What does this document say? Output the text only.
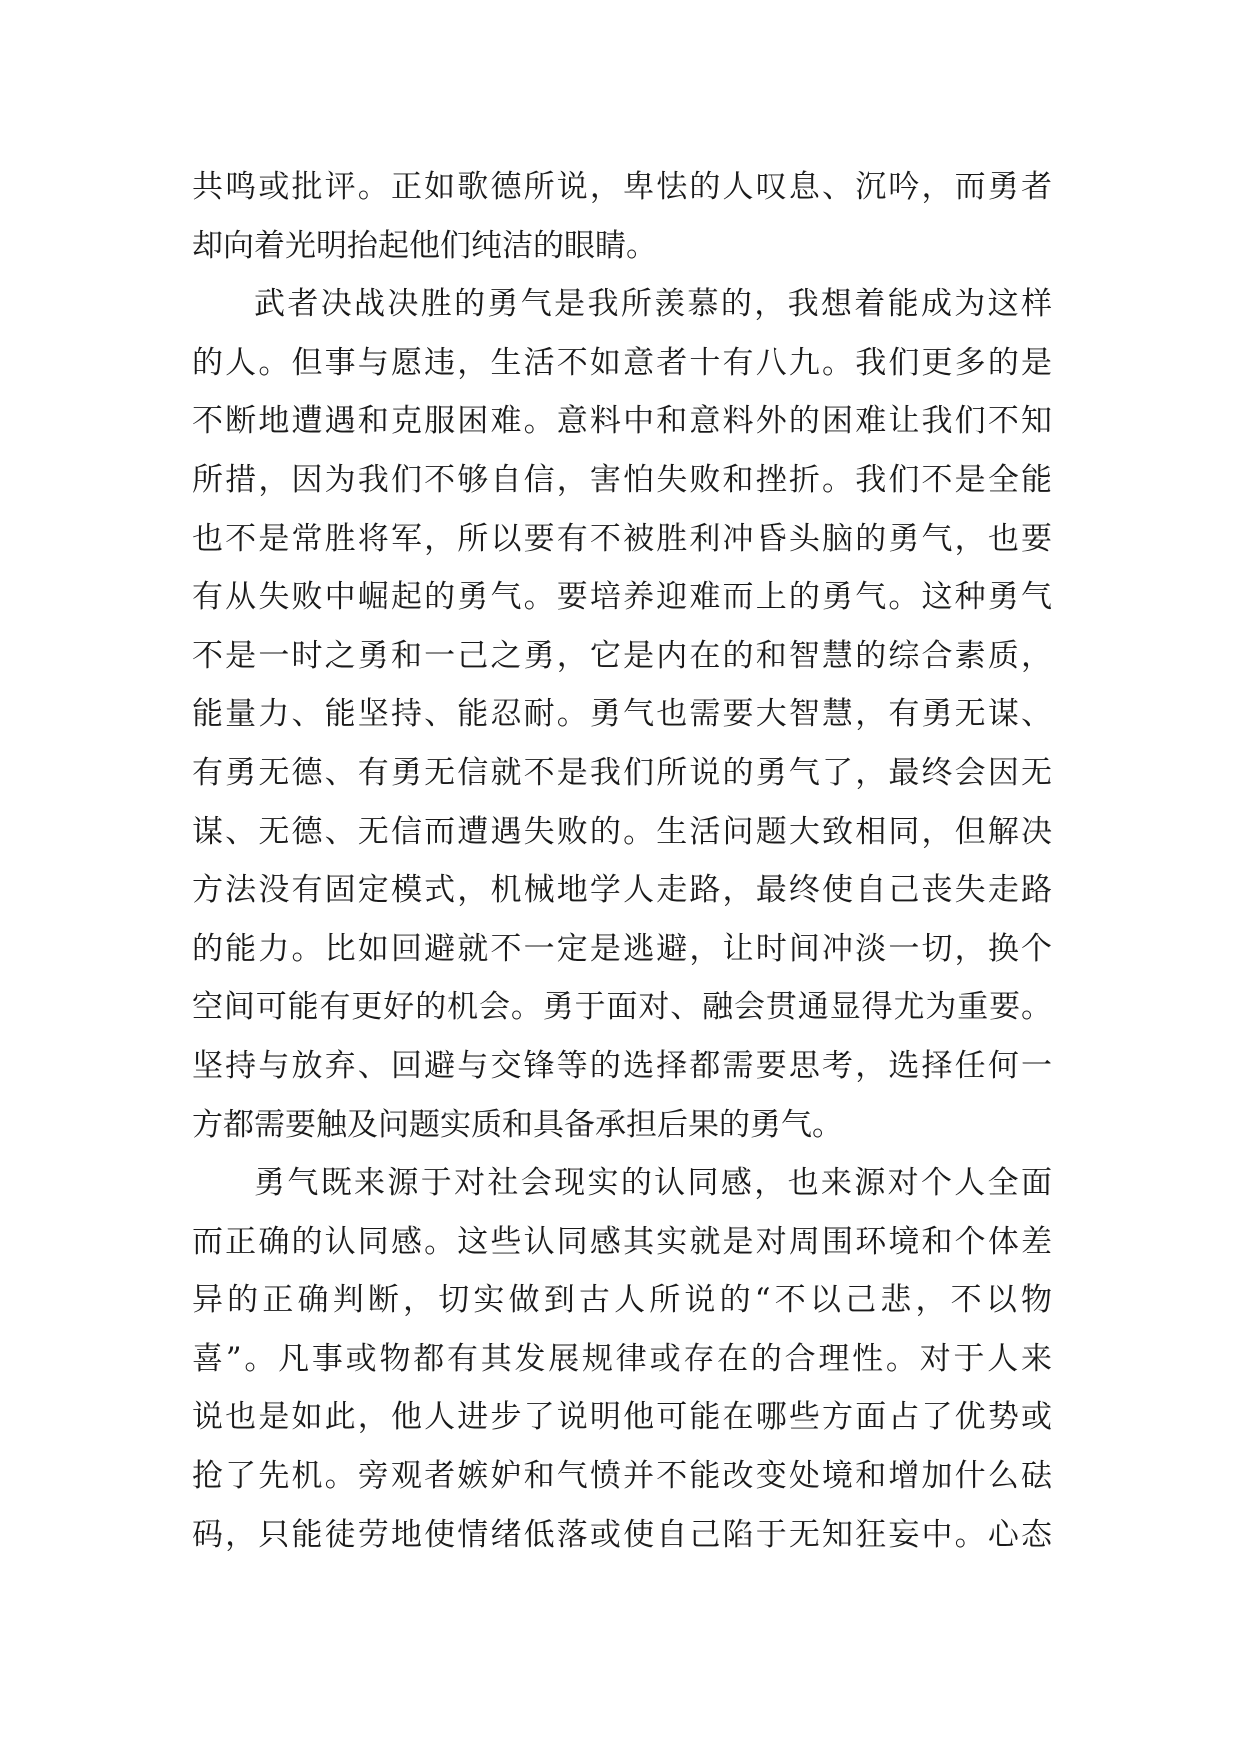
共鸣或批评。正如歌德所说，卑怯的人叹息、沉吟，而勇者
却向着光明抬起他们纯洁的眼睛。
武者决战决胜的勇气是我所羡慕的，我想着能成为这样
的人。但事与愿违，生活不如意者十有八九。我们更多的是
不断地遭遇和克服困难。意料中和意料外的困难让我们不知
所措，因为我们不够自信，害怕失败和挫折。我们不是全能
也不是常胜将军，所以要有不被胜利冲昏头脑的勇气，也要
有从失败中崛起的勇气。要培养迎难而上的勇气。这种勇气
不是一时之勇和一己之勇，它是内在的和智慧的综合素质，
能量力、能坚持、能忍耐。勇气也需要大智慧，有勇无谋、
有勇无德、有勇无信就不是我们所说的勇气了，最终会因无
谋、无德、无信而遭遇失败的。生活问题大致相同，但解决
方法没有固定模式，机械地学人走路，最终使自己丧失走路
的能力。比如回避就不一定是逃避，让时间冲淡一切，换个
空间可能有更好的机会。勇于面对、融会贯通显得尤为重要。
坚持与放弃、回避与交锋等的选择都需要思考，选择任何一
方都需要触及问题实质和具备承担后果的勇气。
勇气既来源于对社会现实的认同感，也来源对个人全面
而正确的认同感。这些认同感其实就是对周围环境和个体差
异的正确判断，切实做到古人所说的“不以己悲，不以物
喜”。凡事或物都有其发展规律或存在的合理性。对于人来
说也是如此，他人进步了说明他可能在哪些方面占了优势或
抢了先机。旁观者嫉妒和气愤并不能改变处境和增加什么砝
码，只能徒劳地使情绪低落或使自己陷于无知狂妄中。心态
